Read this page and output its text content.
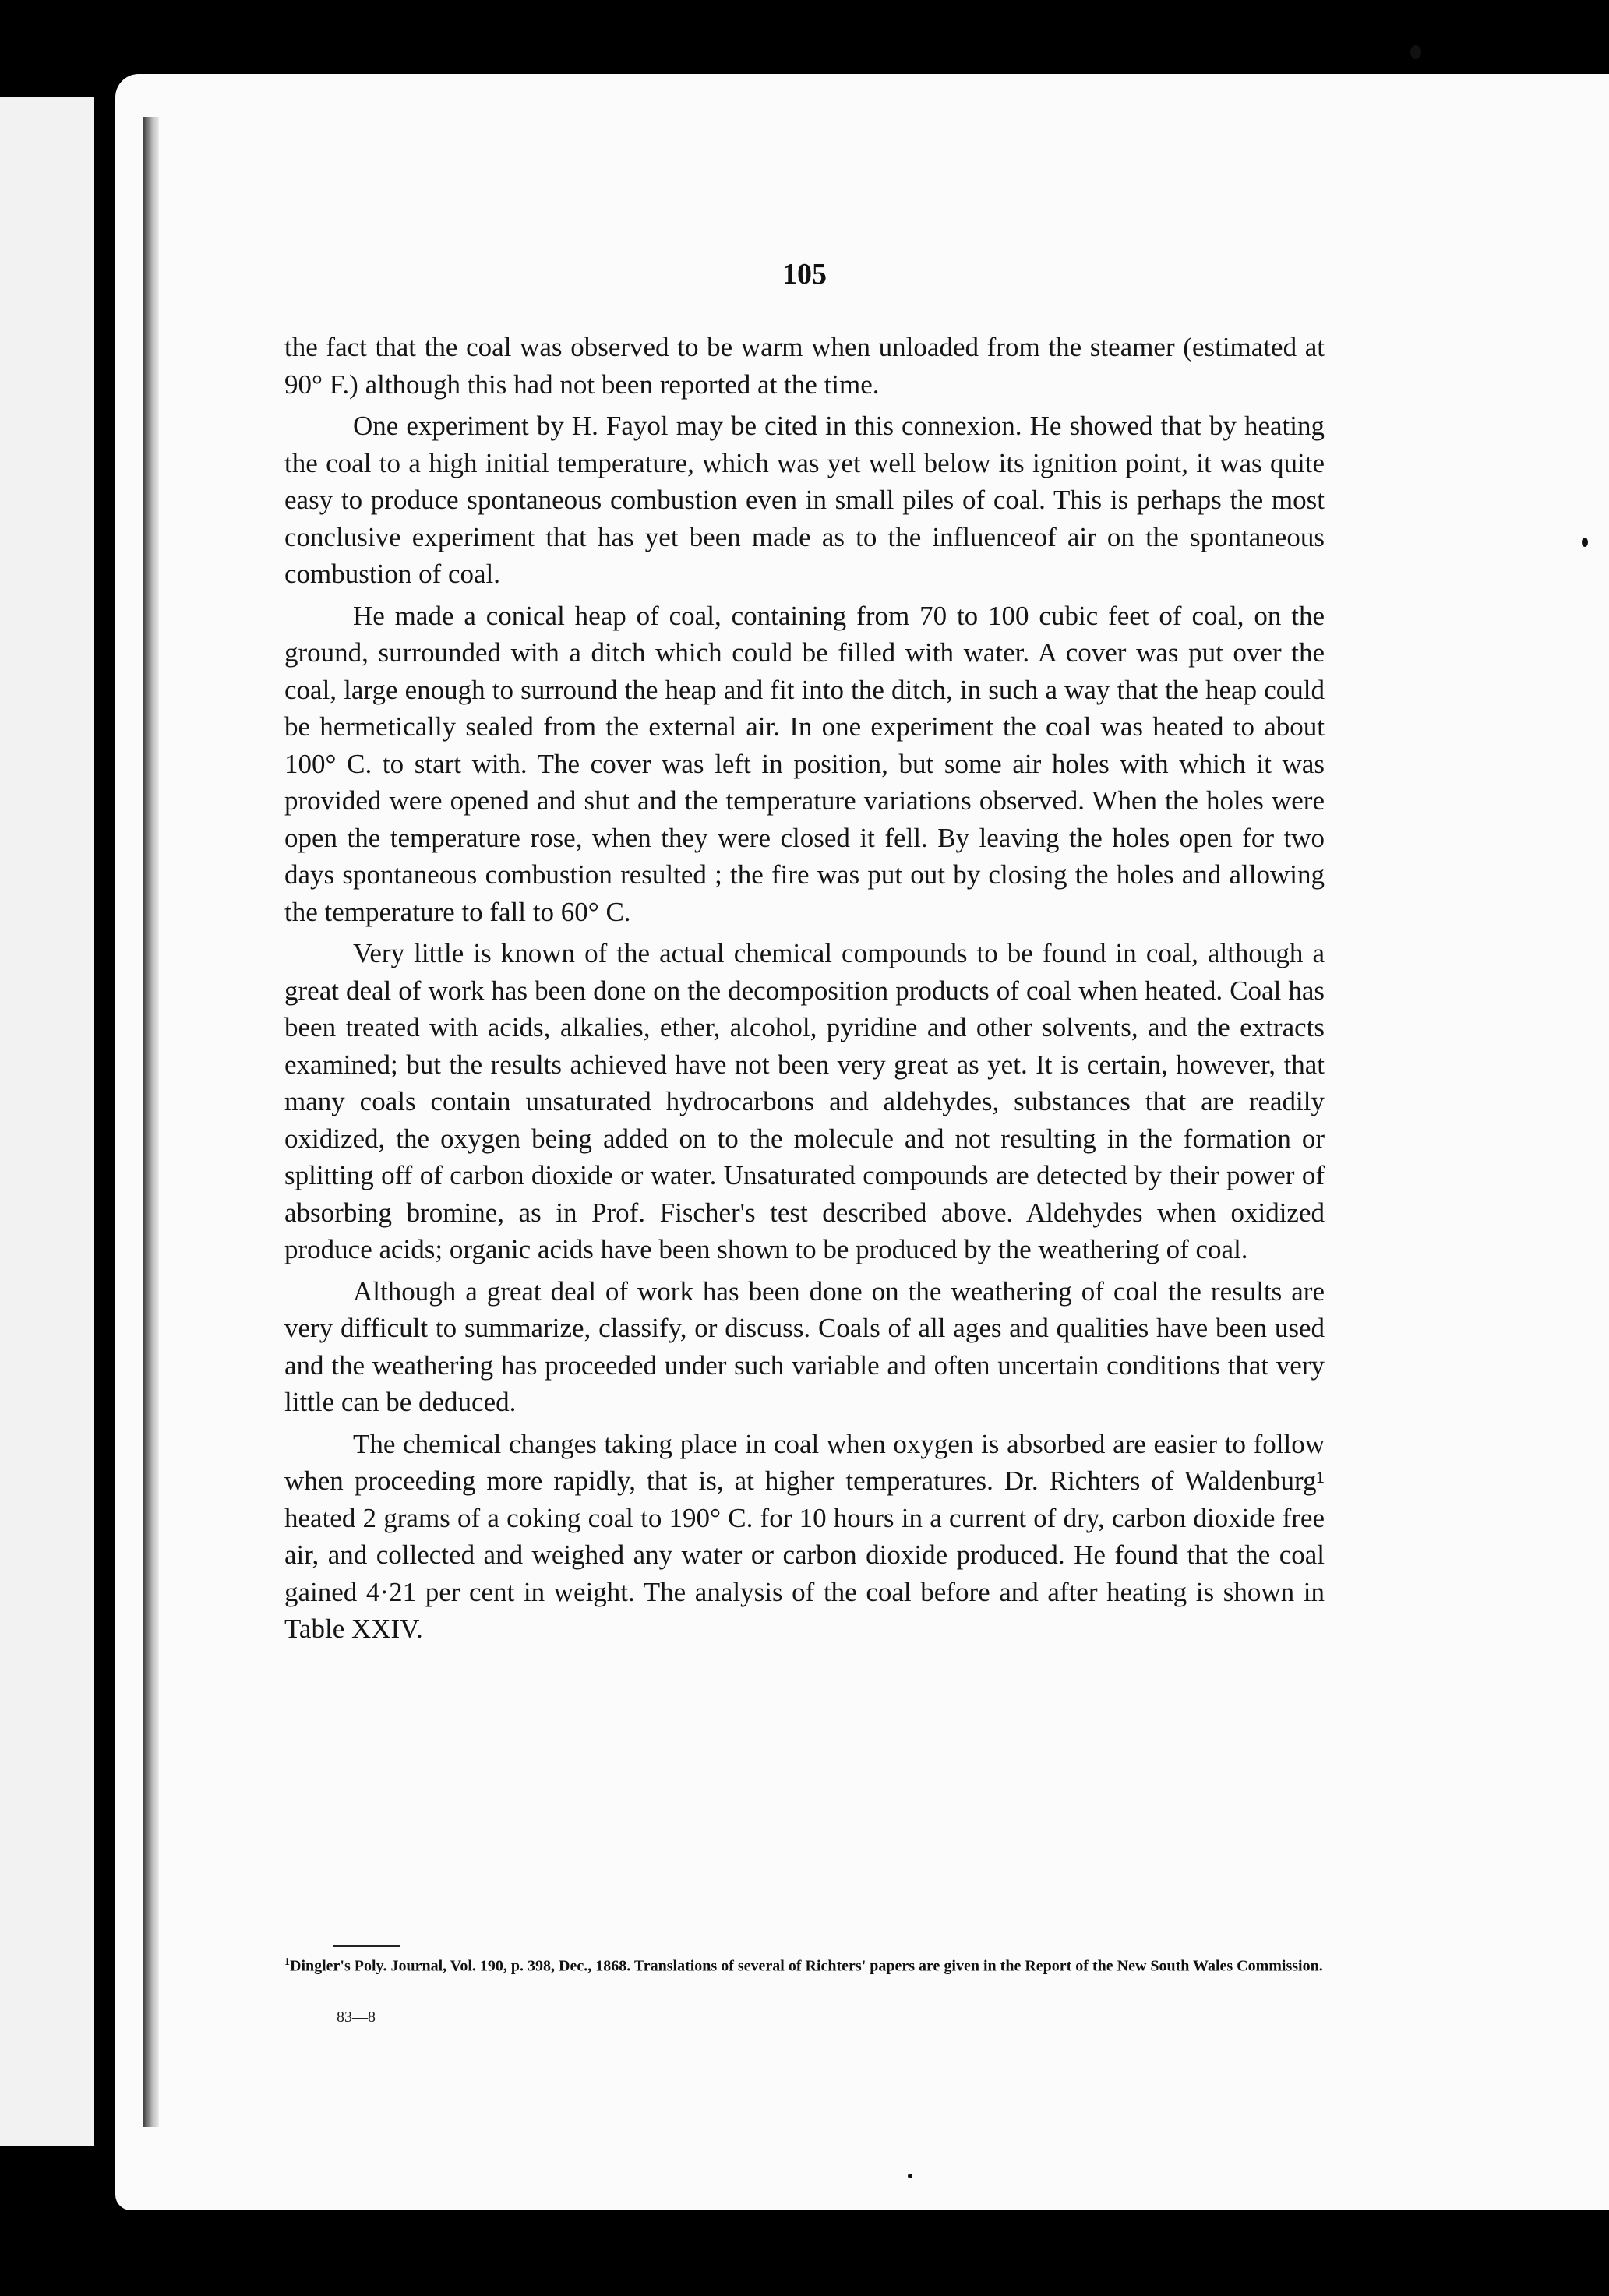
105

the fact that the coal was observed to be warm when unloaded from the steamer (estimated at 90° F.) although this had not been reported at the time.

One experiment by H. Fayol may be cited in this connexion. He showed that by heating the coal to a high initial temperature, which was yet well below its ignition point, it was quite easy to produce spontaneous combustion even in small piles of coal. This is perhaps the most conclusive experiment that has yet been made as to the influenceof air on the spontaneous combustion of coal.

He made a conical heap of coal, containing from 70 to 100 cubic feet of coal, on the ground, surrounded with a ditch which could be filled with water. A cover was put over the coal, large enough to surround the heap and fit into the ditch, in such a way that the heap could be hermetically sealed from the external air. In one experiment the coal was heated to about 100° C. to start with. The cover was left in position, but some air holes with which it was provided were opened and shut and the temperature variations observed. When the holes were open the temperature rose, when they were closed it fell. By leaving the holes open for two days spontaneous combustion resulted ; the fire was put out by closing the holes and allowing the temperature to fall to 60° C.

Very little is known of the actual chemical compounds to be found in coal, although a great deal of work has been done on the decomposition products of coal when heated. Coal has been treated with acids, alkalies, ether, alcohol, pyridine and other solvents, and the extracts examined; but the results achieved have not been very great as yet. It is certain, however, that many coals contain unsaturated hydrocarbons and aldehydes, substances that are readily oxidized, the oxygen being added on to the molecule and not resulting in the formation or splitting off of carbon dioxide or water. Unsaturated compounds are detected by their power of absorbing bromine, as in Prof. Fischer's test described above. Aldehydes when oxidized produce acids; organic acids have been shown to be produced by the weathering of coal.

Although a great deal of work has been done on the weathering of coal the results are very difficult to summarize, classify, or discuss. Coals of all ages and qualities have been used and the weathering has proceeded under such variable and often uncertain conditions that very little can be deduced.

The chemical changes taking place in coal when oxygen is absorbed are easier to follow when proceeding more rapidly, that is, at higher temperatures. Dr. Richters of Waldenburg¹ heated 2 grams of a coking coal to 190° C. for 10 hours in a current of dry, carbon dioxide free air, and collected and weighed any water or carbon dioxide produced. He found that the coal gained 4·21 per cent in weight. The analysis of the coal before and after heating is shown in Table XXIV.

$^1$Dingler's Poly. Journal, Vol. 190, p. 398, Dec., 1868. Translations of several of Richters' papers are given in the Report of the New South Wales Commission.
83—8
